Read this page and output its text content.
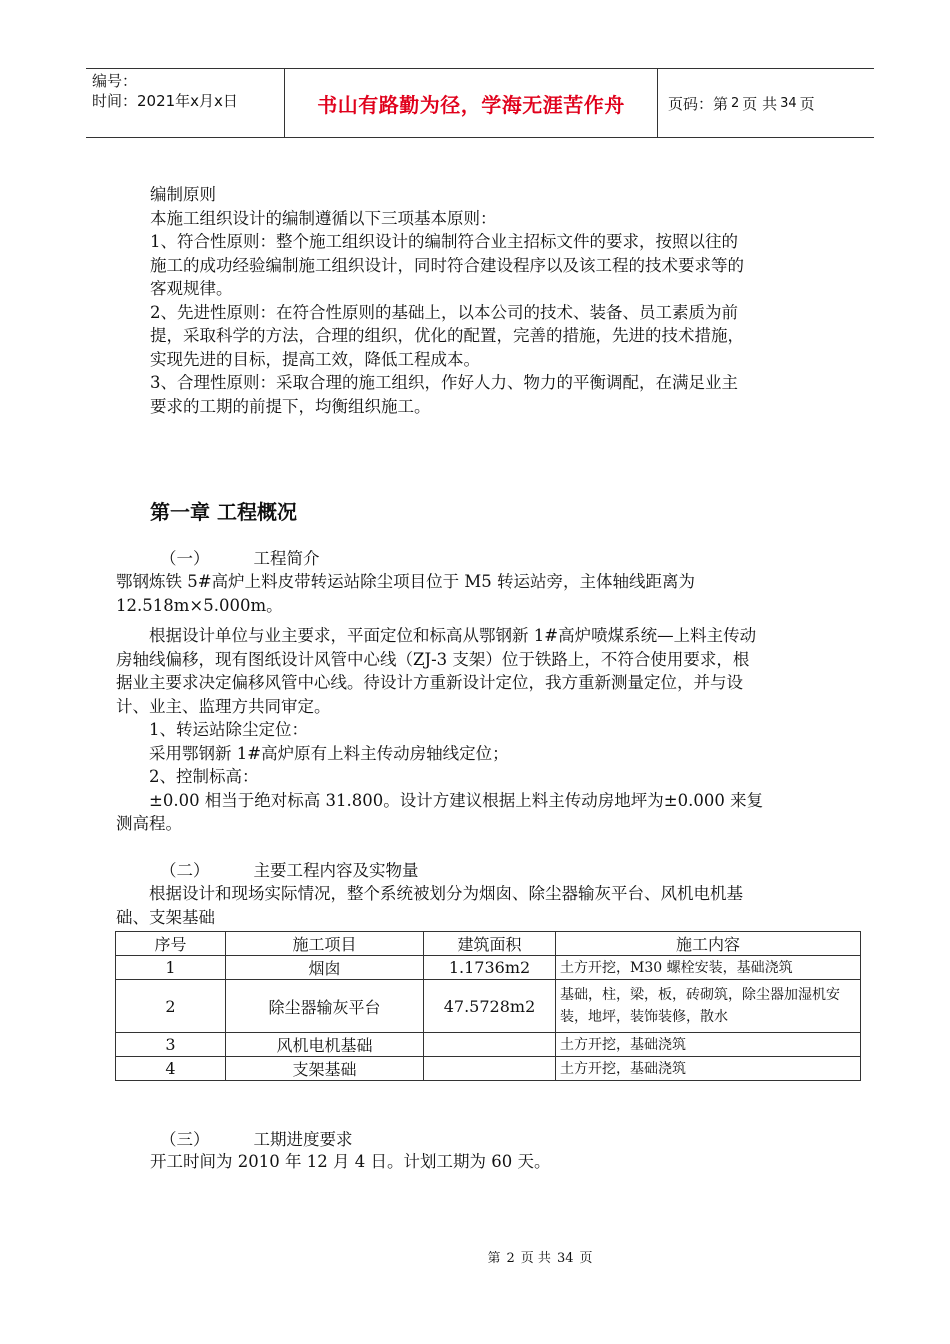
编号：
时间：2021年x月x日	书山有路勤为径，学海无涯苦作舟	页码：第 2 页 共 34 页
编制原则
本施工组织设计的编制遵循以下三项基本原则：
1、符合性原则：整个施工组织设计的编制符合业主招标文件的要求，按照以往的
施工的成功经验编制施工组织设计，同时符合建设程序以及该工程的技术要求等的
客观规律。
2、先进性原则：在符合性原则的基础上，以本公司的技术、装备、员工素质为前
提，采取科学的方法，合理的组织，优化的配置，完善的措施，先进的技术措施，
实现先进的目标，提高工效，降低工程成本。
3、合理性原则：采取合理的施工组织，作好人力、物力的平衡调配，在满足业主
要求的工期的前提下，均衡组织施工。
第一章 工程概况
（一）	工程简介
鄂钢炼铁 5#高炉上料皮带转运站除尘项目位于 M5 转运站旁，主体轴线距离为
12.518m×5.000m。
　　根据设计单位与业主要求，平面定位和标高从鄂钢新 1#高炉喷煤系统—上料主传动
房轴线偏移，现有图纸设计风管中心线（ZJ-3 支架）位于铁路上，不符合使用要求，根
据业主要求决定偏移风管中心线。待设计方重新设计定位，我方重新测量定位，并与设
计、业主、监理方共同审定。
　　1、转运站除尘定位：
　　采用鄂钢新 1#高炉原有上料主传动房轴线定位；
　　2、控制标高：
　　±0.00 相当于绝对标高 31.800。设计方建议根据上料主传动房地坪为±0.000 来复
测高程。
（二）	主要工程内容及实物量
　　根据设计和现场实际情况，整个系统被划分为烟囱、除尘器输灰平台、风机电机基
础、支架基础
序号	施工项目	建筑面积	施工内容
1	烟囱	1.1736m2	土方开挖，M30 螺栓安装，基础浇筑
2	除尘器输灰平台	47.5728m2	基础，柱，梁，板，砖砌筑，除尘器加湿机安装，地坪，装饰装修，散水
3	风机电机基础		土方开挖，基础浇筑
4	支架基础		土方开挖，基础浇筑
（三）	工期进度要求
开工时间为 2010 年 12 月 4 日。计划工期为 60 天。
第 2 页 共 34 页
